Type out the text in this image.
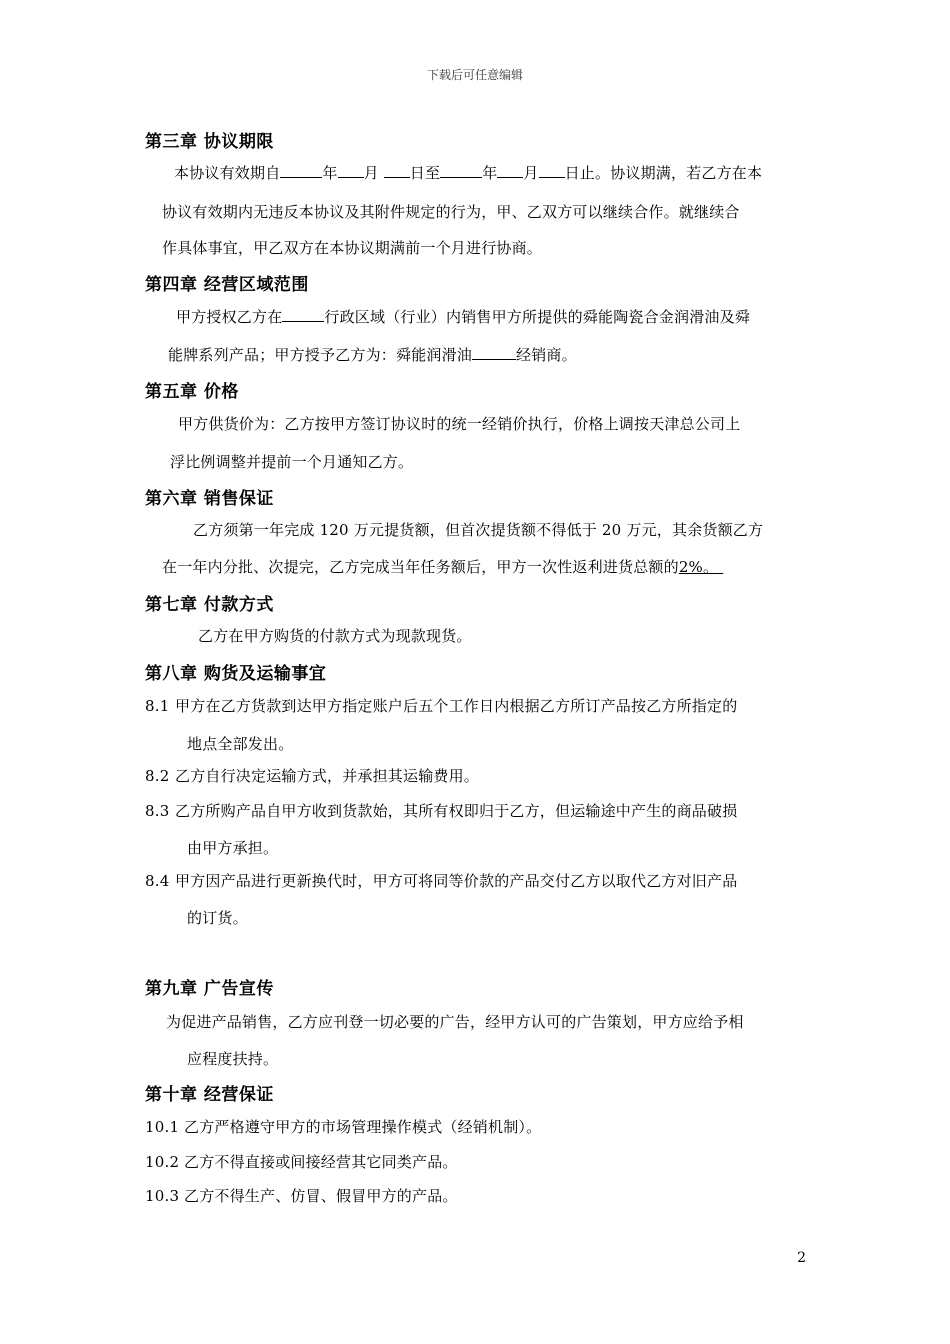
下载后可任意编辑
第三章 协议期限
本协议有效期自	年 月 日至	年 月 日止。协议期满，若乙方在本
协议有效期内无违反本协议及其附件规定的行为，甲、乙双方可以继续合作。就继续合
作具体事宜，甲乙双方在本协议期满前一个月进行协商。
第四章 经营区域范围
甲方授权乙方在	行政区域（行业）内销售甲方所提供的舜能陶瓷合金润滑油及舜
能牌系列产品；甲方授予乙方为：舜能润滑油	经销商。
第五章 价格
甲方供货价为：乙方按甲方签订协议时的统一经销价执行，价格上调按天津总公司上
浮比例调整并提前一个月通知乙方。
第六章 销售保证
乙方须第一年完成 120 万元提货额，但首次提货额不得低于 20 万元，其余货额乙方
在一年内分批、次提完，乙方完成当年任务额后，甲方一次性返利进货总额的2%。
第七章 付款方式
乙方在甲方购货的付款方式为现款现货。
第八章 购货及运输事宜
8.1 甲方在乙方货款到达甲方指定账户后五个工作日内根据乙方所订产品按乙方所指定的
地点全部发出。
8.2 乙方自行决定运输方式，并承担其运输费用。
8.3 乙方所购产品自甲方收到货款始，其所有权即归于乙方，但运输途中产生的商品破损
由甲方承担。
8.4 甲方因产品进行更新换代时，甲方可将同等价款的产品交付乙方以取代乙方对旧产品
的订货。
第九章 广告宣传
为促进产品销售，乙方应刊登一切必要的广告，经甲方认可的广告策划，甲方应给予相
应程度扶持。
第十章 经营保证
10.1 乙方严格遵守甲方的市场管理操作模式（经销机制）。
10.2 乙方不得直接或间接经营其它同类产品。
10.3 乙方不得生产、仿冒、假冒甲方的产品。
2
